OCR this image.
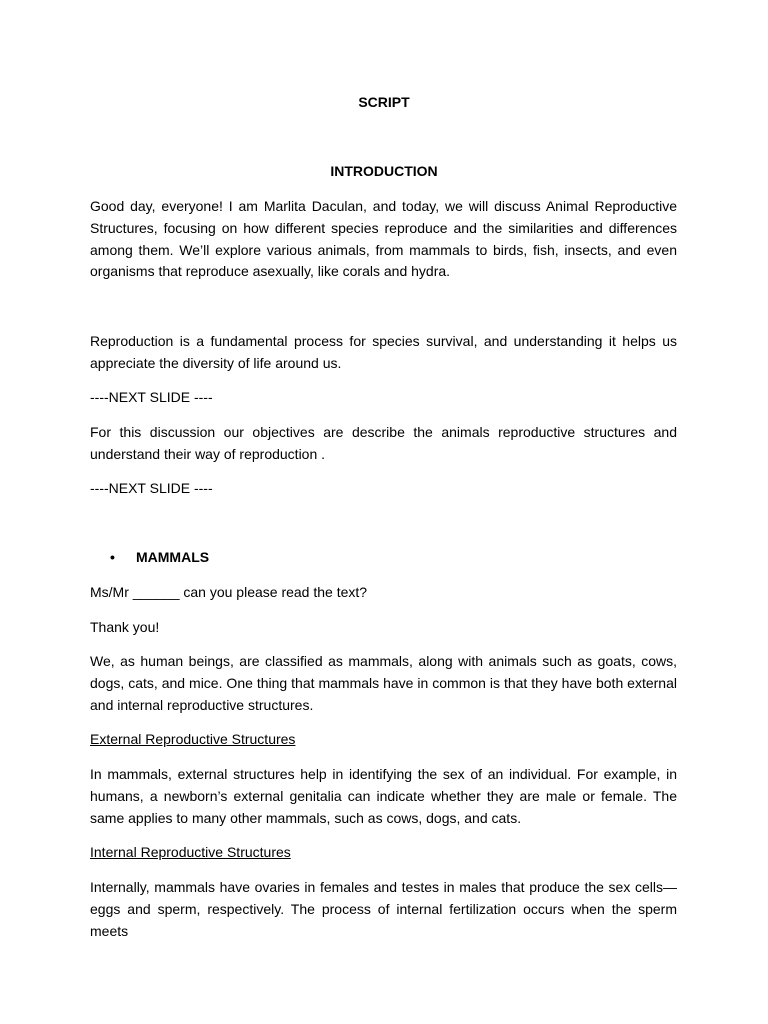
SCRIPT

INTRODUCTION

Good day, everyone! I am Marlita Daculan, and today, we will discuss Animal Reproductive Structures, focusing on how different species reproduce and the similarities and differences among them. We’ll explore various animals, from mammals to birds, fish, insects, and even organisms that reproduce asexually, like corals and hydra.

Reproduction is a fundamental process for species survival, and understanding it helps us appreciate the diversity of life around us.

----NEXT SLIDE ----

For this discussion our objectives are describe the animals reproductive structures and understand their way of reproduction .

----NEXT SLIDE ----

• MAMMALS

Ms/Mr ______ can you please read the text?

Thank you!

We, as human beings, are classified as mammals, along with animals such as goats, cows, dogs, cats, and mice. One thing that mammals have in common is that they have both external and internal reproductive structures.

External Reproductive Structures

In mammals, external structures help in identifying the sex of an individual. For example, in humans, a newborn’s external genitalia can indicate whether they are male or female. The same applies to many other mammals, such as cows, dogs, and cats.

Internal Reproductive Structures

Internally, mammals have ovaries in females and testes in males that produce the sex cells—eggs and sperm, respectively. The process of internal fertilization occurs when the sperm meets
